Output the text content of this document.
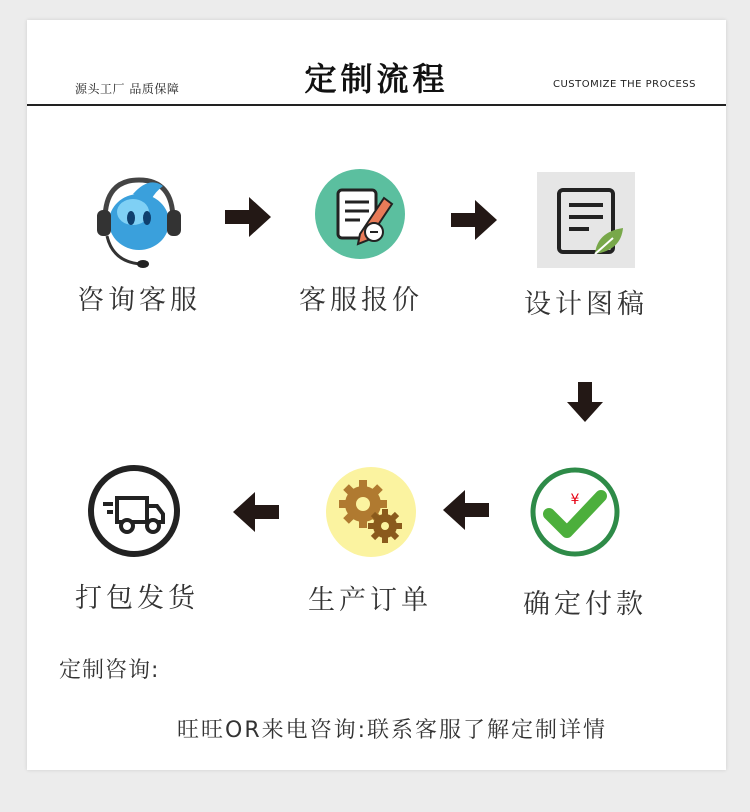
源头工厂 品质保障	定制流程	CUSTOMIZE THE PROCESS
咨询客服	客服报价	设计图稿
¥
确定付款
生产订单
打包发货
定制咨询:
旺旺OR来电咨询:联系客服了解定制详情
